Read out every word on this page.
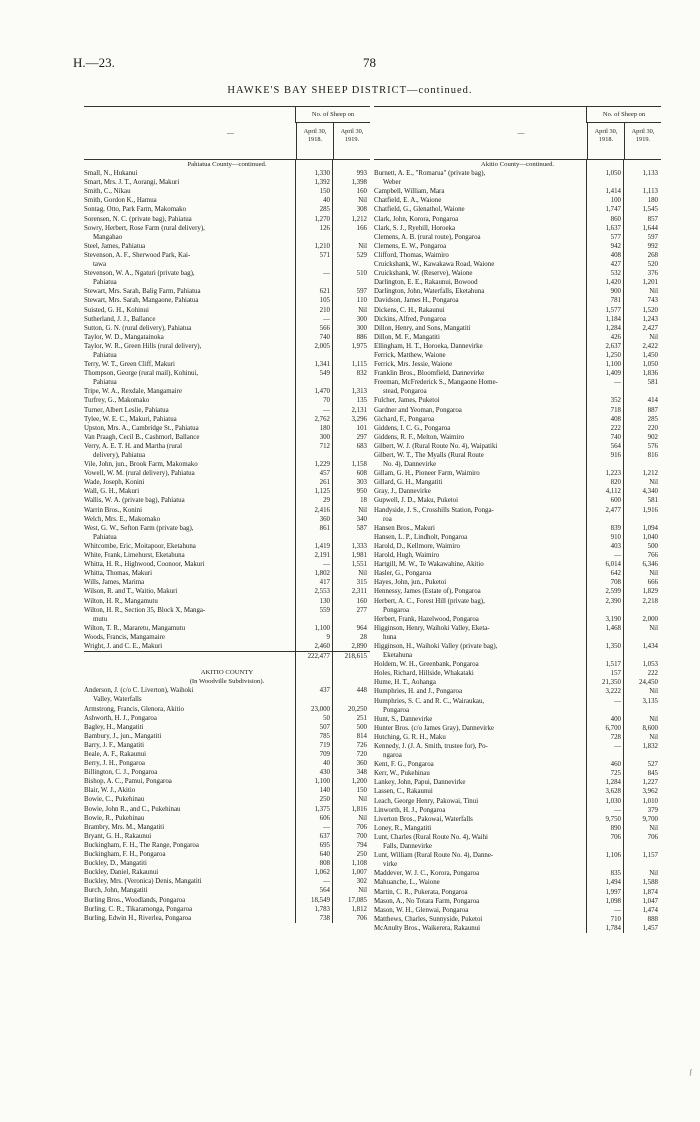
H.—23.	78
HAWKE'S BAY SHEEP DISTRICT—continued.
—
No. of Sheep on
April 30, 1918.
April 30, 1919.
Pahiatua County—continued.
Small, N., Hukanui	1,330	993
Smart, Mrs. J. T., Aorangi, Makuri	1,392	1,398
Smith, C., Nikau	150	160
Smith, Gordon K., Hamua	40	Nil
Sontag, Otto, Park Farm, Makomako	285	308
Sorensen, N. C. (private bag), Pahiatua	1,270	1,212
Sowry, Herbert, Rose Farm (rural delivery),	126	166
Mangahao
Steel, James, Pahiatua	1,210	Nil
Stevenson, A. F., Sherwood Park, Kai-	571	529
tawa
Stevenson, W. A., Ngaturi (private bag),	—	510
Pahiatua
Stewart, Mrs. Sarah, Balig Farm, Pahiatua	621	597
Stewart, Mrs. Sarah, Mangaone, Pahiatua	105	110
Suisted, G. H., Kohinui	210	Nil
Sutherland, J. J., Ballance	—	300
Sutton, G. N. (rural delivery), Pahiatua	566	300
Taylor, W. D., Mangatainoka	740	886
Taylor, W. R., Green Hills (rural delivery),	2,005	1,975
Pahiatua
Terry, W. T., Green Cliff, Makuri	1,341	1,115
Thompson, George (rural mail), Kohinui,	549	832
Pahiatua
Tripe, W. A., Rexdale, Mangamaire	1,470	1,313
Turfrey, G., Makomako	70	135
Turner, Albert Leslie, Pahiatua	—	2,131
Tylee, W. E. C., Makuri, Pahiatua	2,762	3,296
Upston, Mrs. A., Cambridge St., Pahiatua	180	101
Van Praagh, Cecil B., Cashmorl, Ballance	300	297
Verry, A. E. T. H. and Martha (rural	712	683
delivery), Pahiatua
Vile, John, jun., Brook Farm, Makomako	1,229	1,158
Vowell, W. M. (rural delivery), Pahiatua	457	608
Wade, Joseph, Konini	261	303
Wall, G. H., Makuri	1,125	950
Wallis, W. A. (private bag), Pahiatua	29	18
Warrin Bros., Konini	2,416	Nil
Welch, Mrs. E., Makomako	360	340
West, G. W., Sefton Farm (private bag),	861	587
Pahiatua
Whitcombe, Eric, Moitapoor, Eketahuna	1,419	1,333
White, Frank, Limehurst, Eketahuna	2,191	1,981
Whitta, H. R., Highwood, Coonoor, Makuri	—	1,551
Whitta, Thomas, Makuri	1,802	Nil
Wills, James, Marima	417	315
Wilson, R. and T., Waitio, Makuri	2,553	2,311
Wilton, H. R., Mangamutu	130	160
Wilton, H. R., Section 35, Block X, Manga-	559	277
mutu
Wilton, T. R., Mararetu, Mangamutu	1,100	964
Woods, Francis, Mangamaire	9	28
Wright, J. and C. E., Makuri	2,460	2,890
222,477	218,615
AKITIO COUNTY
(In Woodville Subdivision).
Anderson, J. (c/o C. Liverton), Waihoki	437	448
Valley, Waterfalls
Armstrong, Francis, Glenora, Akitio	23,000	20,250
Ashworth, H. J., Pongaroa	50	251
Bagley, H., Mangatiti	507	500
Bambury, J., jun., Mangatiti	785	814
Barry, J. F., Mangatiti	719	726
Beale, A. F., Rakaunui	709	720
Berry, J. H., Pongaroa	40	360
Billington, C. J., Pongaroa	430	348
Bishop, A. C., Pamui, Pongaroa	1,100	1,200
Blair, W. J., Akitio	140	150
Bowie, C., Pukehinau	250	Nil
Bowie, John R., and C., Pukehinau	1,375	1,816
Bowie, R., Pukehinau	606	Nil
Brambry, Mrs. M., Mangatiti	—	706
Bryant, G. H., Rakaunui	637	700
Buckingham, F. H., The Range, Pongaroa	695	794
Buckingham, F. H., Pongaroa	640	250
Buckley, D., Mangatiti	808	1,108
Buckley, Daniel, Rakaunui	1,062	1,007
Buckley, Mrs. (Veronica) Denis, Mangatiti	—	302
Burch, John, Mangatiti	564	Nil
Burling Bros., Woodlands, Pongaroa	18,549	17,085
Burling, C. R., Tikaramonga, Pongaroa	1,783	1,812
Burling, Edwin H., Riverlea, Pongaroa	738	706
—
No. of Sheep on
April 30, 1918.
April 30, 1919.
Akitio County—continued.
Burnett, A. E., "Romarua" (private bag),	1,050	1,133
Weber
Campbell, William, Mara	1,414	1,113
Chatfield, E. A., Waione	100	180
Chatfield, G., Glenathol, Waione	1,747	1,545
Clark, John, Korora, Pongaroa	860	857
Clark, S. J., Ryehill, Horoeka	1,637	1,644
Clemens, A. B. (rural route), Pongaroa	577	597
Clemens, E. W., Pongaroa	942	992
Clifford, Thomas, Waimiro	408	268
Cruickshank, W., Kawakawa Road, Waione	427	520
Cruickshank, W. (Reserve), Waione	532	376
Darlington, E. E., Rakaunui, Bowood	1,420	1,201
Darlington, John, Waterfalls, Eketahuna	900	Nil
Davidson, James H., Pongaroa	781	743
Dickens, C. H., Rakaunui	1,577	1,520
Dickins, Alfred, Pongaroa	1,184	1,243
Dillon, Henry, and Sons, Mangatiti	1,284	2,427
Dillon, M. F., Mangatiti	426	Nil
Ellingham, H. T., Horoeka, Dannevirke	2,637	2,422
Ferrick, Matthew, Waione	1,250	1,450
Ferrick, Mrs. Jessie, Waione	1,100	1,050
Franklin Bros., Bloomfield, Dannevirke	1,409	1,836
Freeman, McFrederick S., Mangaone Home-	—	581
stead, Pongaroa
Fulcher, James, Puketoi	352	414
Gardner and Yeoman, Pongaroa	718	887
Gichard, F., Pongaroa	408	285
Giddens, I. C. G., Pongaroa	222	220
Giddens, R. F., Melton, Waimiro	740	902
Gilbert, W. J. (Rural Route No. 4), Waipatiki	564	576
Gilbert, W. T., The Myalls (Rural Route	916	816
No. 4), Dannevirke
Gillam, G. H., Pioneer Farm, Waimiro	1,223	1,212
Gillard, G. H., Mangatiti	820	Nil
Gray, J., Dannevirke	4,112	4,340
Gupwell, J. D., Maku, Puketoi	600	581
Handyside, J. S., Crosshills Station, Ponga-	2,477	1,916
roa
Hansen Bros., Makuri	839	1,094
Hansen, L. P., Lindholt, Pongaroa	910	1,040
Harold, D., Kellmore, Waimiro	403	500
Harold, Hugh, Waimiro	—	766
Hartgill, M. W., Te Wakawahine, Akitio	6,014	6,346
Hasler, G., Pongaroa	642	Nil
Hayes, John, jun., Puketoi	708	666
Hennessy, James (Estate of), Pongaroa	2,599	1,829
Herbert, A. C., Forest Hill (private bag),	2,390	2,218
Pongaroa
Herbert, Frank, Hazelwood, Pongaroa	3,190	2,000
Higginson, Henry, Waihoki Valley, Eketa-	1,468	Nil
huna
Higginson, H., Waihoki Valley (private bag),	1,350	1,434
Eketahuna
Holdem, W. H., Greenbank, Pongaroa	1,517	1,053
Holes, Richard, Hillside, Whakataki	157	222
Hume, H. T., Aohanga	21,350	24,450
Humphries, H. and J., Pongaroa	3,222	Nil
Humphries, S. C. and R. C., Wairaukau,	—	3,135
Pongaroa
Hunt, S., Dannevirke	400	Nil
Hunter Bros. (c/o James Gray), Dannevirke	6,700	8,600
Hutching, G. R. H., Maku	728	Nil
Kennedy, J. (J. A. Smith, trustee for), Po-	—	1,832
ngaroa
Kent, F. G., Pongaroa	460	527
Kerr, W., Pukehinau	725	845
Lankey, John, Papui, Dannevirke	1,284	1,227
Lassen, C., Rakaunui	3,628	3,962
Leach, George Henry, Pakowai, Tinui	1,030	1,010
Linworth, H. J., Pongaroa	—	379
Liverton Bros., Pakowai, Waterfalls	9,750	9,700
Loney, R., Mangatiti	890	Nil
Lunt, Charles (Rural Route No. 4), Waihi	706	706
Falls, Dannevirke
Lunt, William (Rural Route No. 4), Danne-	1,106	1,157
virke
Maddever, W. J. C., Korora, Pongaroa	835	Nil
Mahuanche, L., Waione	1,494	1,588
Martin, C. R., Pukerata, Pongaroa	1,997	1,874
Mason, A., No Totara Farm, Pongaroa	1,098	1,047
Mason, W. H., Glenwai, Pongaroa	—	1,474
Matthews, Charles, Sunnyside, Puketoi	710	888
McAnulty Bros., Waikerera, Rakaunui	1,784	1,457
ʃ
